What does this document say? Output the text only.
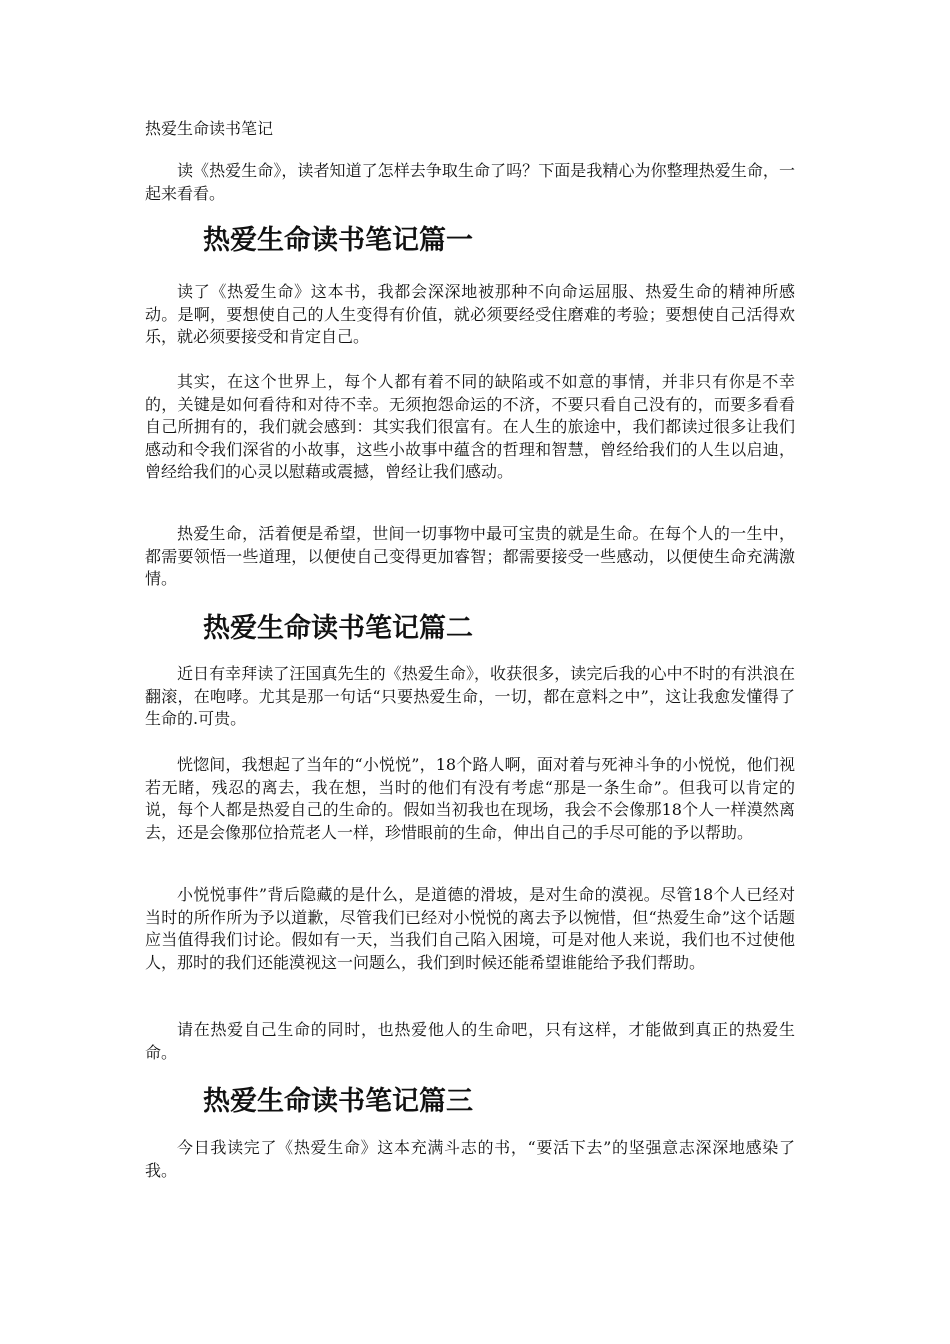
热爱生命读书笔记

读《热爱生命》，读者知道了怎样去争取生命了吗？下面是我精心为你整理热爱生命，一起来看看。

热爱生命读书笔记篇一

读了《热爱生命》这本书，我都会深深地被那种不向命运屈服、热爱生命的精神所感动。是啊，要想使自己的人生变得有价值，就必须要经受住磨难的考验；要想使自己活得欢乐，就必须要接受和肯定自己。

其实，在这个世界上，每个人都有着不同的缺陷或不如意的事情，并非只有你是不幸的，关键是如何看待和对待不幸。无须抱怨命运的不济，不要只看自己没有的，而要多看看自己所拥有的，我们就会感到：其实我们很富有。在人生的旅途中，我们都读过很多让我们感动和令我们深省的小故事，这些小故事中蕴含的哲理和智慧，曾经给我们的人生以启迪，曾经给我们的心灵以慰藉或震撼，曾经让我们感动。

热爱生命，活着便是希望，世间一切事物中最可宝贵的就是生命。在每个人的一生中，都需要领悟一些道理，以便使自己变得更加睿智；都需要接受一些感动，以便使生命充满激情。

热爱生命读书笔记篇二

近日有幸拜读了汪国真先生的《热爱生命》，收获很多，读完后我的心中不时的有洪浪在翻滚，在咆哮。尤其是那一句话“只要热爱生命，一切，都在意料之中”，这让我愈发懂得了生命的.可贵。

恍惚间，我想起了当年的“小悦悦”，18个路人啊，面对着与死神斗争的小悦悦，他们视若无睹，残忍的离去，我在想，当时的他们有没有考虑“那是一条生命”。但我可以肯定的说，每个人都是热爱自己的生命的。假如当初我也在现场，我会不会像那18个人一样漠然离去，还是会像那位拾荒老人一样，珍惜眼前的生命，伸出自己的手尽可能的予以帮助。

小悦悦事件”背后隐藏的是什么，是道德的滑坡，是对生命的漠视。尽管18个人已经对当时的所作所为予以道歉，尽管我们已经对小悦悦的离去予以惋惜，但“热爱生命”这个话题应当值得我们讨论。假如有一天，当我们自己陷入困境，可是对他人来说，我们也不过使他人，那时的我们还能漠视这一问题么，我们到时候还能希望谁能给予我们帮助。

请在热爱自己生命的同时，也热爱他人的生命吧，只有这样，才能做到真正的热爱生命。

热爱生命读书笔记篇三

今日我读完了《热爱生命》这本充满斗志的书，“要活下去”的坚强意志深深地感染了我。
